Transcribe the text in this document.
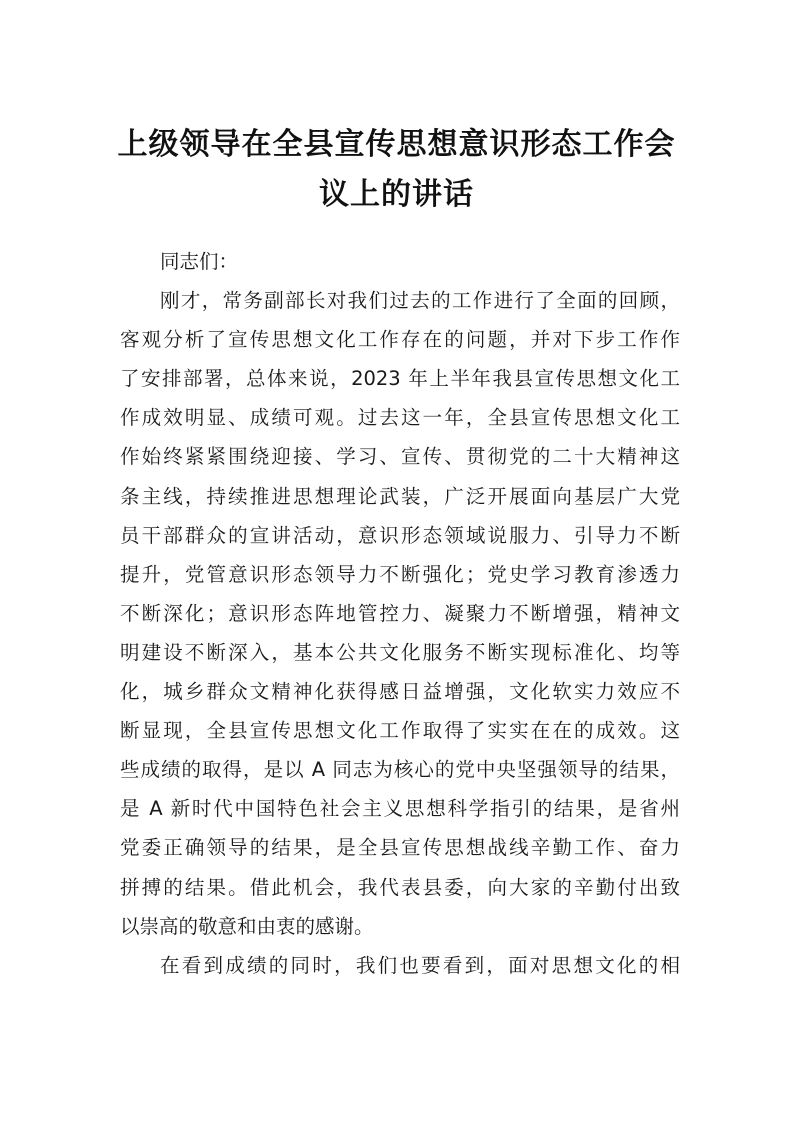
上级领导在全县宣传思想意识形态工作会
议上的讲话
同志们：

刚才，常务副部长对我们过去的工作进行了全面的回顾，
客观分析了宣传思想文化工作存在的问题，并对下步工作作
了安排部署，总体来说，2023 年上半年我县宣传思想文化工
作成效明显、成绩可观。过去这一年，全县宣传思想文化工
作始终紧紧围绕迎接、学习、宣传、贯彻党的二十大精神这
条主线，持续推进思想理论武装，广泛开展面向基层广大党
员干部群众的宣讲活动，意识形态领域说服力、引导力不断
提升，党管意识形态领导力不断强化；党史学习教育渗透力
不断深化；意识形态阵地管控力、凝聚力不断增强，精神文
明建设不断深入，基本公共文化服务不断实现标准化、均等
化，城乡群众文精神化获得感日益增强，文化软实力效应不
断显现，全县宣传思想文化工作取得了实实在在的成效。这
些成绩的取得，是以 A 同志为核心的党中央坚强领导的结果，
是 A 新时代中国特色社会主义思想科学指引的结果，是省州
党委正确领导的结果，是全县宣传思想战线辛勤工作、奋力
拼搏的结果。借此机会，我代表县委，向大家的辛勤付出致
以崇高的敬意和由衷的感谢。

在看到成绩的同时，我们也要看到，面对思想文化的相
